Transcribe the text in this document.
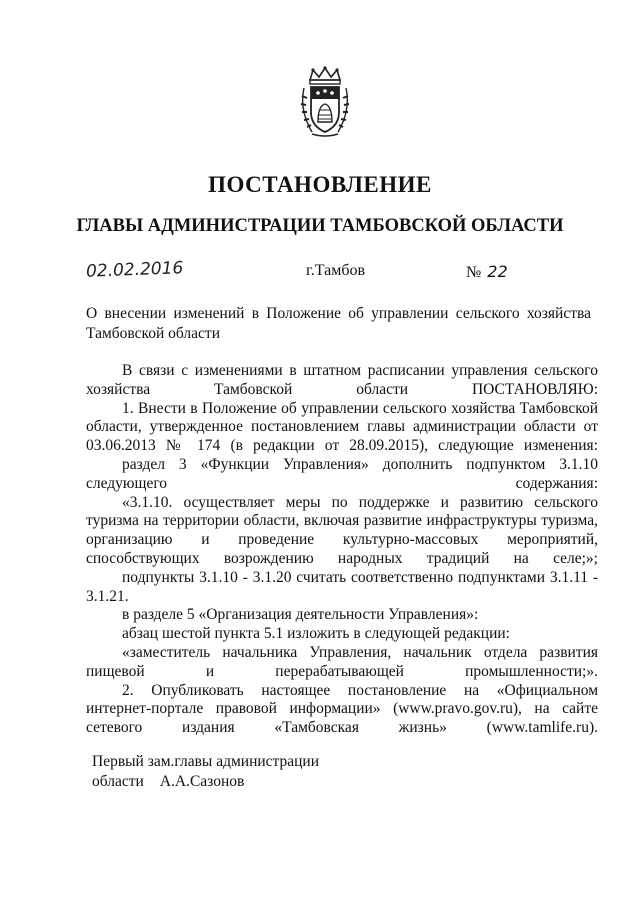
ПОСТАНОВЛЕНИЕ
ГЛАВЫ АДМИНИСТРАЦИИ ТАМБОВСКОЙ ОБЛАСТИ
02.02.2016	г.Тамбов	№ 22
О внесении изменений в Положение об управлении сельского хозяйства Тамбовской области

В связи с изменениями в штатном расписании управления сельского хозяйства Тамбовской области ПОСТАНОВЛЯЮ:

1. Внести в Положение об управлении сельского хозяйства Тамбовской области, утвержденное постановлением главы администрации области от 03.06.2013 № 174 (в редакции от 28.09.2015), следующие изменения:

раздел 3 «Функции Управления» дополнить подпунктом 3.1.10 следующего содержания:

«3.1.10. осуществляет меры по поддержке и развитию сельского туризма на территории области, включая развитие инфраструктуры туризма, организацию и проведение культурно-массовых мероприятий, способствующих возрождению народных традиций на селе;»;

подпункты 3.1.10 - 3.1.20 считать соответственно подпунктами 3.1.11 - 3.1.21.

в разделе 5 «Организация деятельности Управления»:

абзац шестой пункта 5.1 изложить в следующей редакции:

«заместитель начальника Управления, начальник отдела развития пищевой и перерабатывающей промышленности;».

2. Опубликовать настоящее постановление на «Официальном интернет-портале правовой информации» (www.pravo.gov.ru), на сайте сетевого издания «Тамбовская жизнь» (www.tamlife.ru).

Первый зам.главы администрации
области А.А.Сазонов
